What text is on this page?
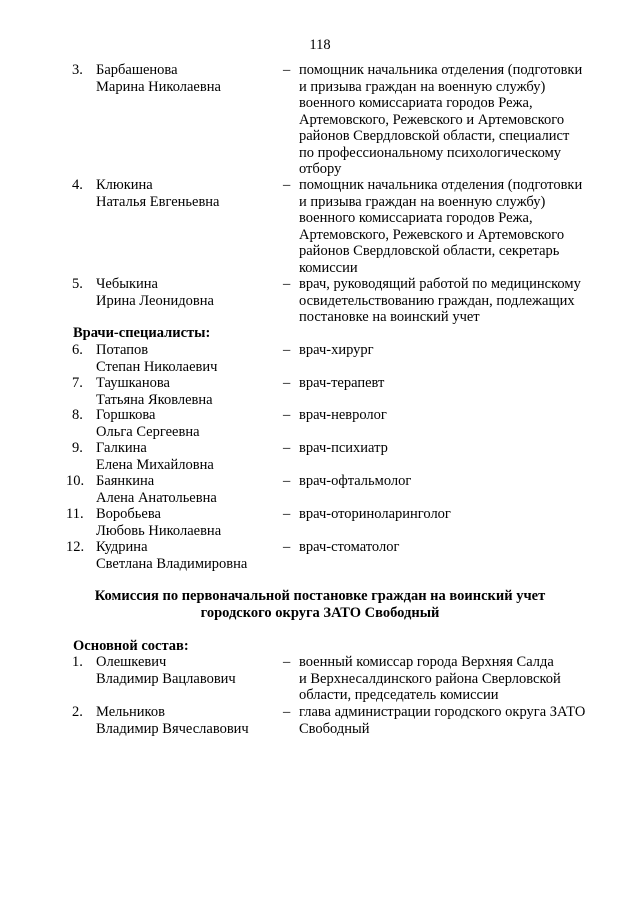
118
3. Барбашенова
Марина Николаевна
– помощник начальника отделения (подготовки
и призыва граждан на военную службу)
военного комиссариата городов Режа,
Артемовского, Режевского и Артемовского
районов Свердловской области, специалист
по профессиональному психологическому
отбору
4. Клюкина
Наталья Евгеньевна
– помощник начальника отделения (подготовки
и призыва граждан на военную службу)
военного комиссариата городов Режа,
Артемовского, Режевского и Артемовского
районов Свердловской области, секретарь
комиссии
5. Чебыкина
Ирина Леонидовна
– врач, руководящий работой по медицинскому
освидетельствованию граждан, подлежащих
постановке на воинский учет
Врачи-специалисты:
6. Потапов
Степан Николаевич
– врач-хирург
7. Таушканова
Татьяна Яковлевна
– врач-терапевт
8. Горшкова
Ольга Сергеевна
– врач-невролог
9. Галкина
Елена Михайловна
– врач-психиатр
10. Баянкина
Алена Анатольевна
– врач-офтальмолог
11. Воробьева
Любовь Николаевна
– врач-оториноларинголог
12. Кудрина
Светлана Владимировна
– врач-стоматолог
Комиссия по первоначальной постановке граждан на воинский учет
городского округа ЗАТО Свободный
Основной состав:
1. Олешкевич
Владимир Вацлавович
– военный комиссар города Верхняя Салда
и Верхнесалдинского района Сверловской
области, председатель комиссии
2. Мельников
Владимир Вячеславович
– глава администрации городского округа ЗАТО
Свободный
